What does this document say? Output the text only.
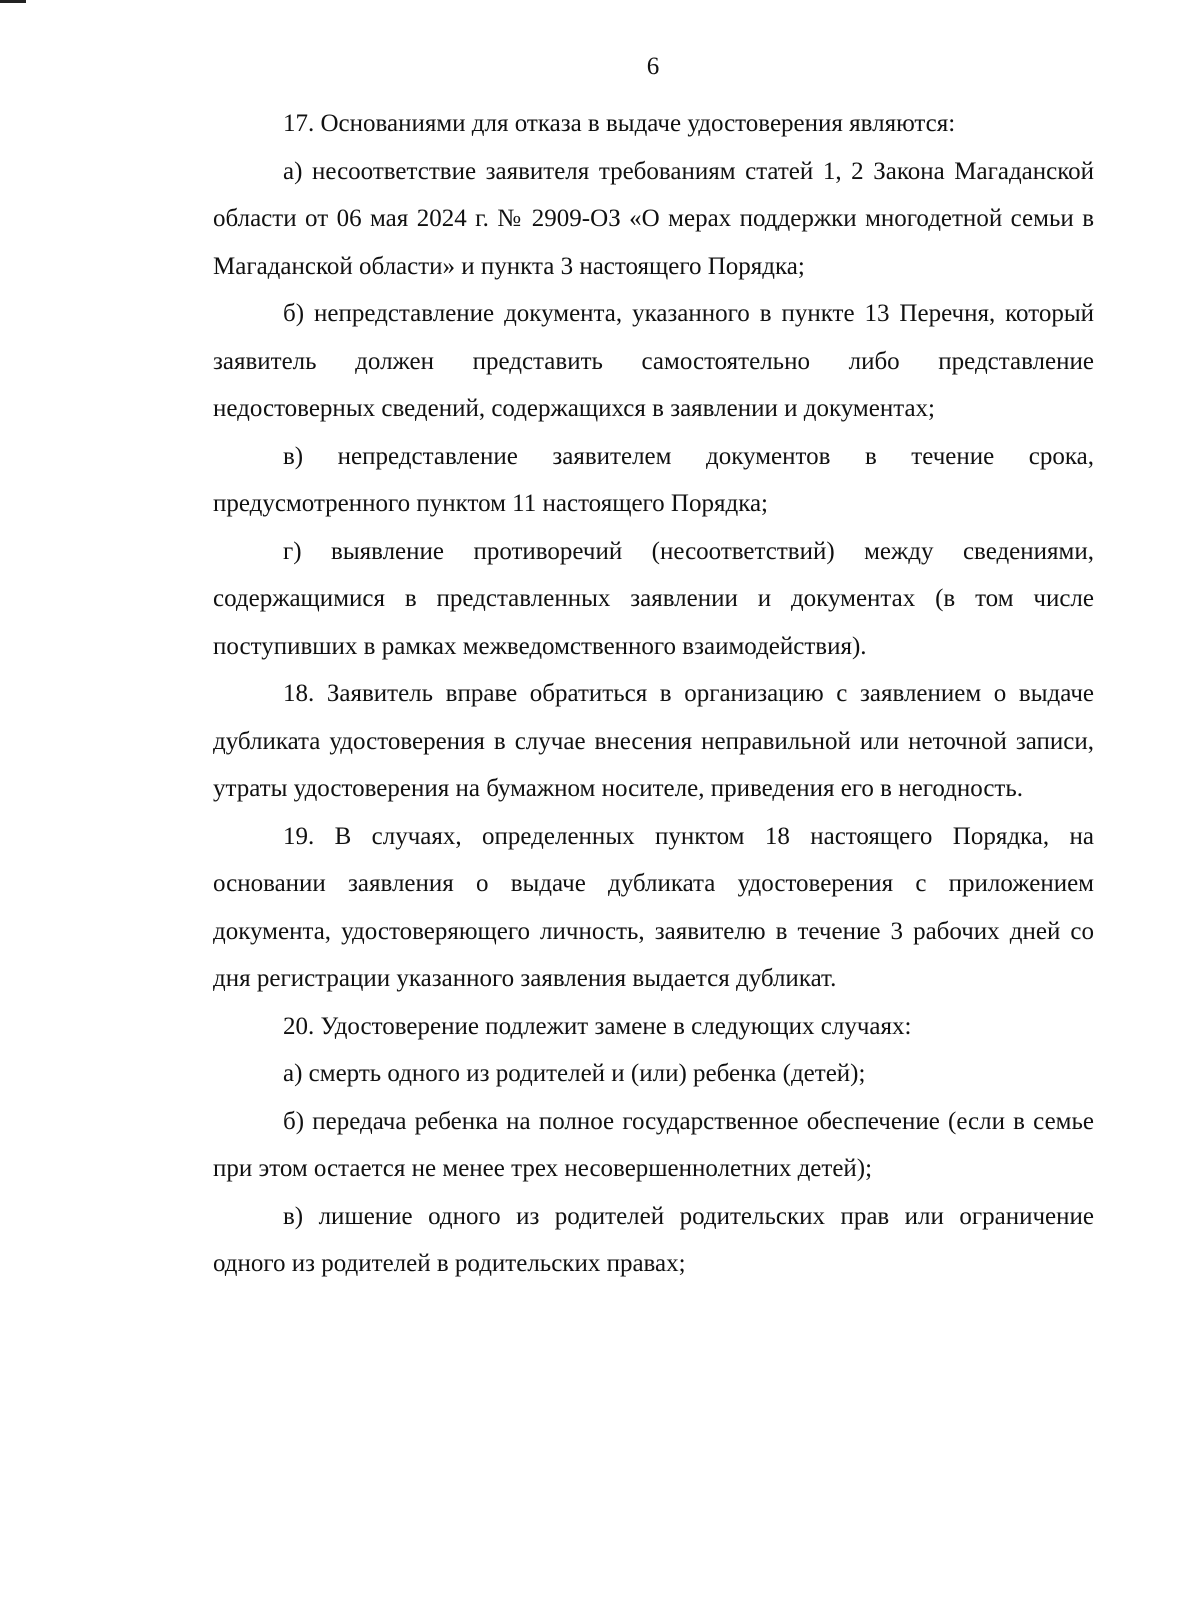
6

17. Основаниями для отказа в выдаче удостоверения являются:

а) несоответствие заявителя требованиям статей 1, 2 Закона Магаданской области от 06 мая 2024 г. № 2909-ОЗ «О мерах поддержки многодетной семьи в Магаданской области» и пункта 3 настоящего Порядка;

б) непредставление документа, указанного в пункте 13 Перечня, который заявитель должен представить самостоятельно либо представление недостоверных сведений, содержащихся в заявлении и документах;

в) непредставление заявителем документов в течение срока, предусмотренного пунктом 11 настоящего Порядка;

г) выявление противоречий (несоответствий) между сведениями, содержащимися в представленных заявлении и документах (в том числе поступивших в рамках межведомственного взаимодействия).

18. Заявитель вправе обратиться в организацию с заявлением о выдаче дубликата удостоверения в случае внесения неправильной или неточной записи, утраты удостоверения на бумажном носителе, приведения его в негодность.

19. В случаях, определенных пунктом 18 настоящего Порядка, на основании заявления о выдаче дубликата удостоверения с приложением документа, удостоверяющего личность, заявителю в течение 3 рабочих дней со дня регистрации указанного заявления выдается дубликат.

20. Удостоверение подлежит замене в следующих случаях:

а) смерть одного из родителей и (или) ребенка (детей);

б) передача ребенка на полное государственное обеспечение (если в семье при этом остается не менее трех несовершеннолетних детей);

в) лишение одного из родителей родительских прав или ограничение одного из родителей в родительских правах;
